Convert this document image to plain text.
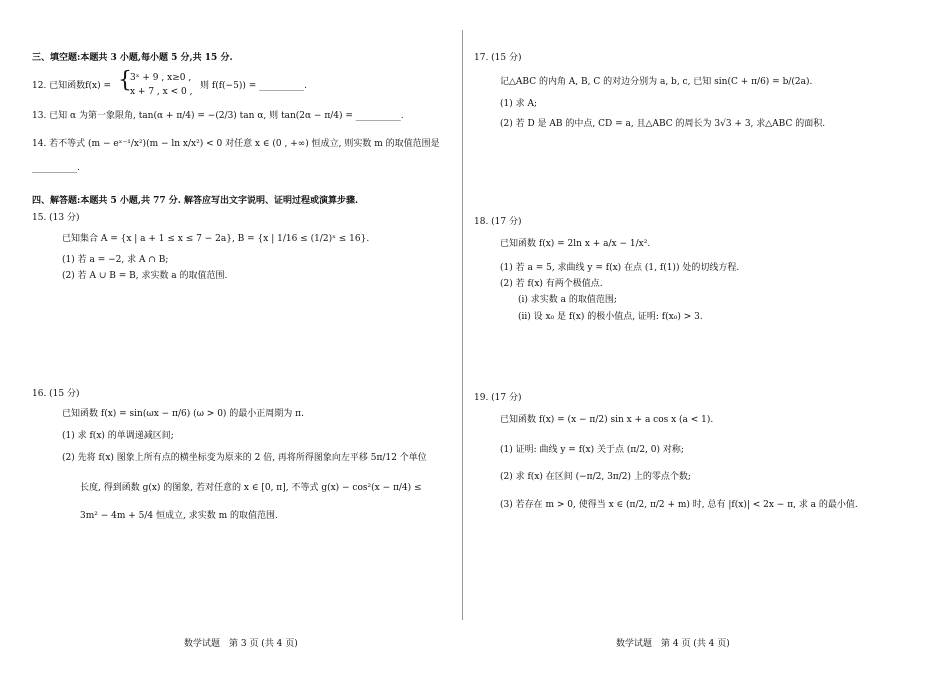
三、填空题:本题共 3 小题,每小题 5 分,共 15 分.
12. 已知函数f(x) = {
3ˣ + 9 , x≥0 ,
x + 7 , x < 0 ,
则 f(f(−5)) = __________.
13. 已知 α 为第一象限角, tan(α + π/4) = −(2/3) tan α, 则 tan(2α − π/4) = __________.
14. 若不等式 (m − eˣ⁻¹/x²)(m − ln x/x²) < 0 对任意 x ∈ (0 , +∞) 恒成立, 则实数 m 的取值范围是
__________.
四、解答题:本题共 5 小题,共 77 分. 解答应写出文字说明、证明过程或演算步骤.
15. (13 分)
已知集合 A = {x | a + 1 ≤ x ≤ 7 − 2a}, B = {x | 1/16 ≤ (1/2)ˣ ≤ 16}.
(1) 若 a = −2, 求 A ∩ B;
(2) 若 A ∪ B = B, 求实数 a 的取值范围.
16. (15 分)
已知函数 f(x) = sin(ωx − π/6) (ω > 0) 的最小正周期为 π.
(1) 求 f(x) 的单调递减区间;
(2) 先将 f(x) 图象上所有点的横坐标变为原来的 2 倍, 再将所得图象向左平移 5π/12 个单位
长度, 得到函数 g(x) 的图象, 若对任意的 x ∈ [0, π], 不等式 g(x) − cos²(x − π/4) ≤
3m² − 4m + 5/4 恒成立, 求实数 m 的取值范围.
数学试题　第 3 页 (共 4 页)
17. (15 分)
记△ABC 的内角 A, B, C 的对边分别为 a, b, c, 已知 sin(C + π/6) = b/(2a).
(1) 求 A;
(2) 若 D 是 AB 的中点, CD = a, 且△ABC 的周长为 3√3 + 3, 求△ABC 的面积.
18. (17 分)
已知函数 f(x) = 2ln x + a/x − 1/x².
(1) 若 a = 5, 求曲线 y = f(x) 在点 (1, f(1)) 处的切线方程.
(2) 若 f(x) 有两个极值点.
(ⅰ) 求实数 a 的取值范围;
(ⅱ) 设 x₀ 是 f(x) 的极小值点, 证明: f(x₀) > 3.
19. (17 分)
已知函数 f(x) = (x − π/2) sin x + a cos x (a < 1).
(1) 证明: 曲线 y = f(x) 关于点 (π/2, 0) 对称;
(2) 求 f(x) 在区间 (−π/2, 3π/2) 上的零点个数;
(3) 若存在 m > 0, 使得当 x ∈ (π/2, π/2 + m) 时, 总有 |f(x)| < 2x − π, 求 a 的最小值.
数学试题　第 4 页 (共 4 页)
